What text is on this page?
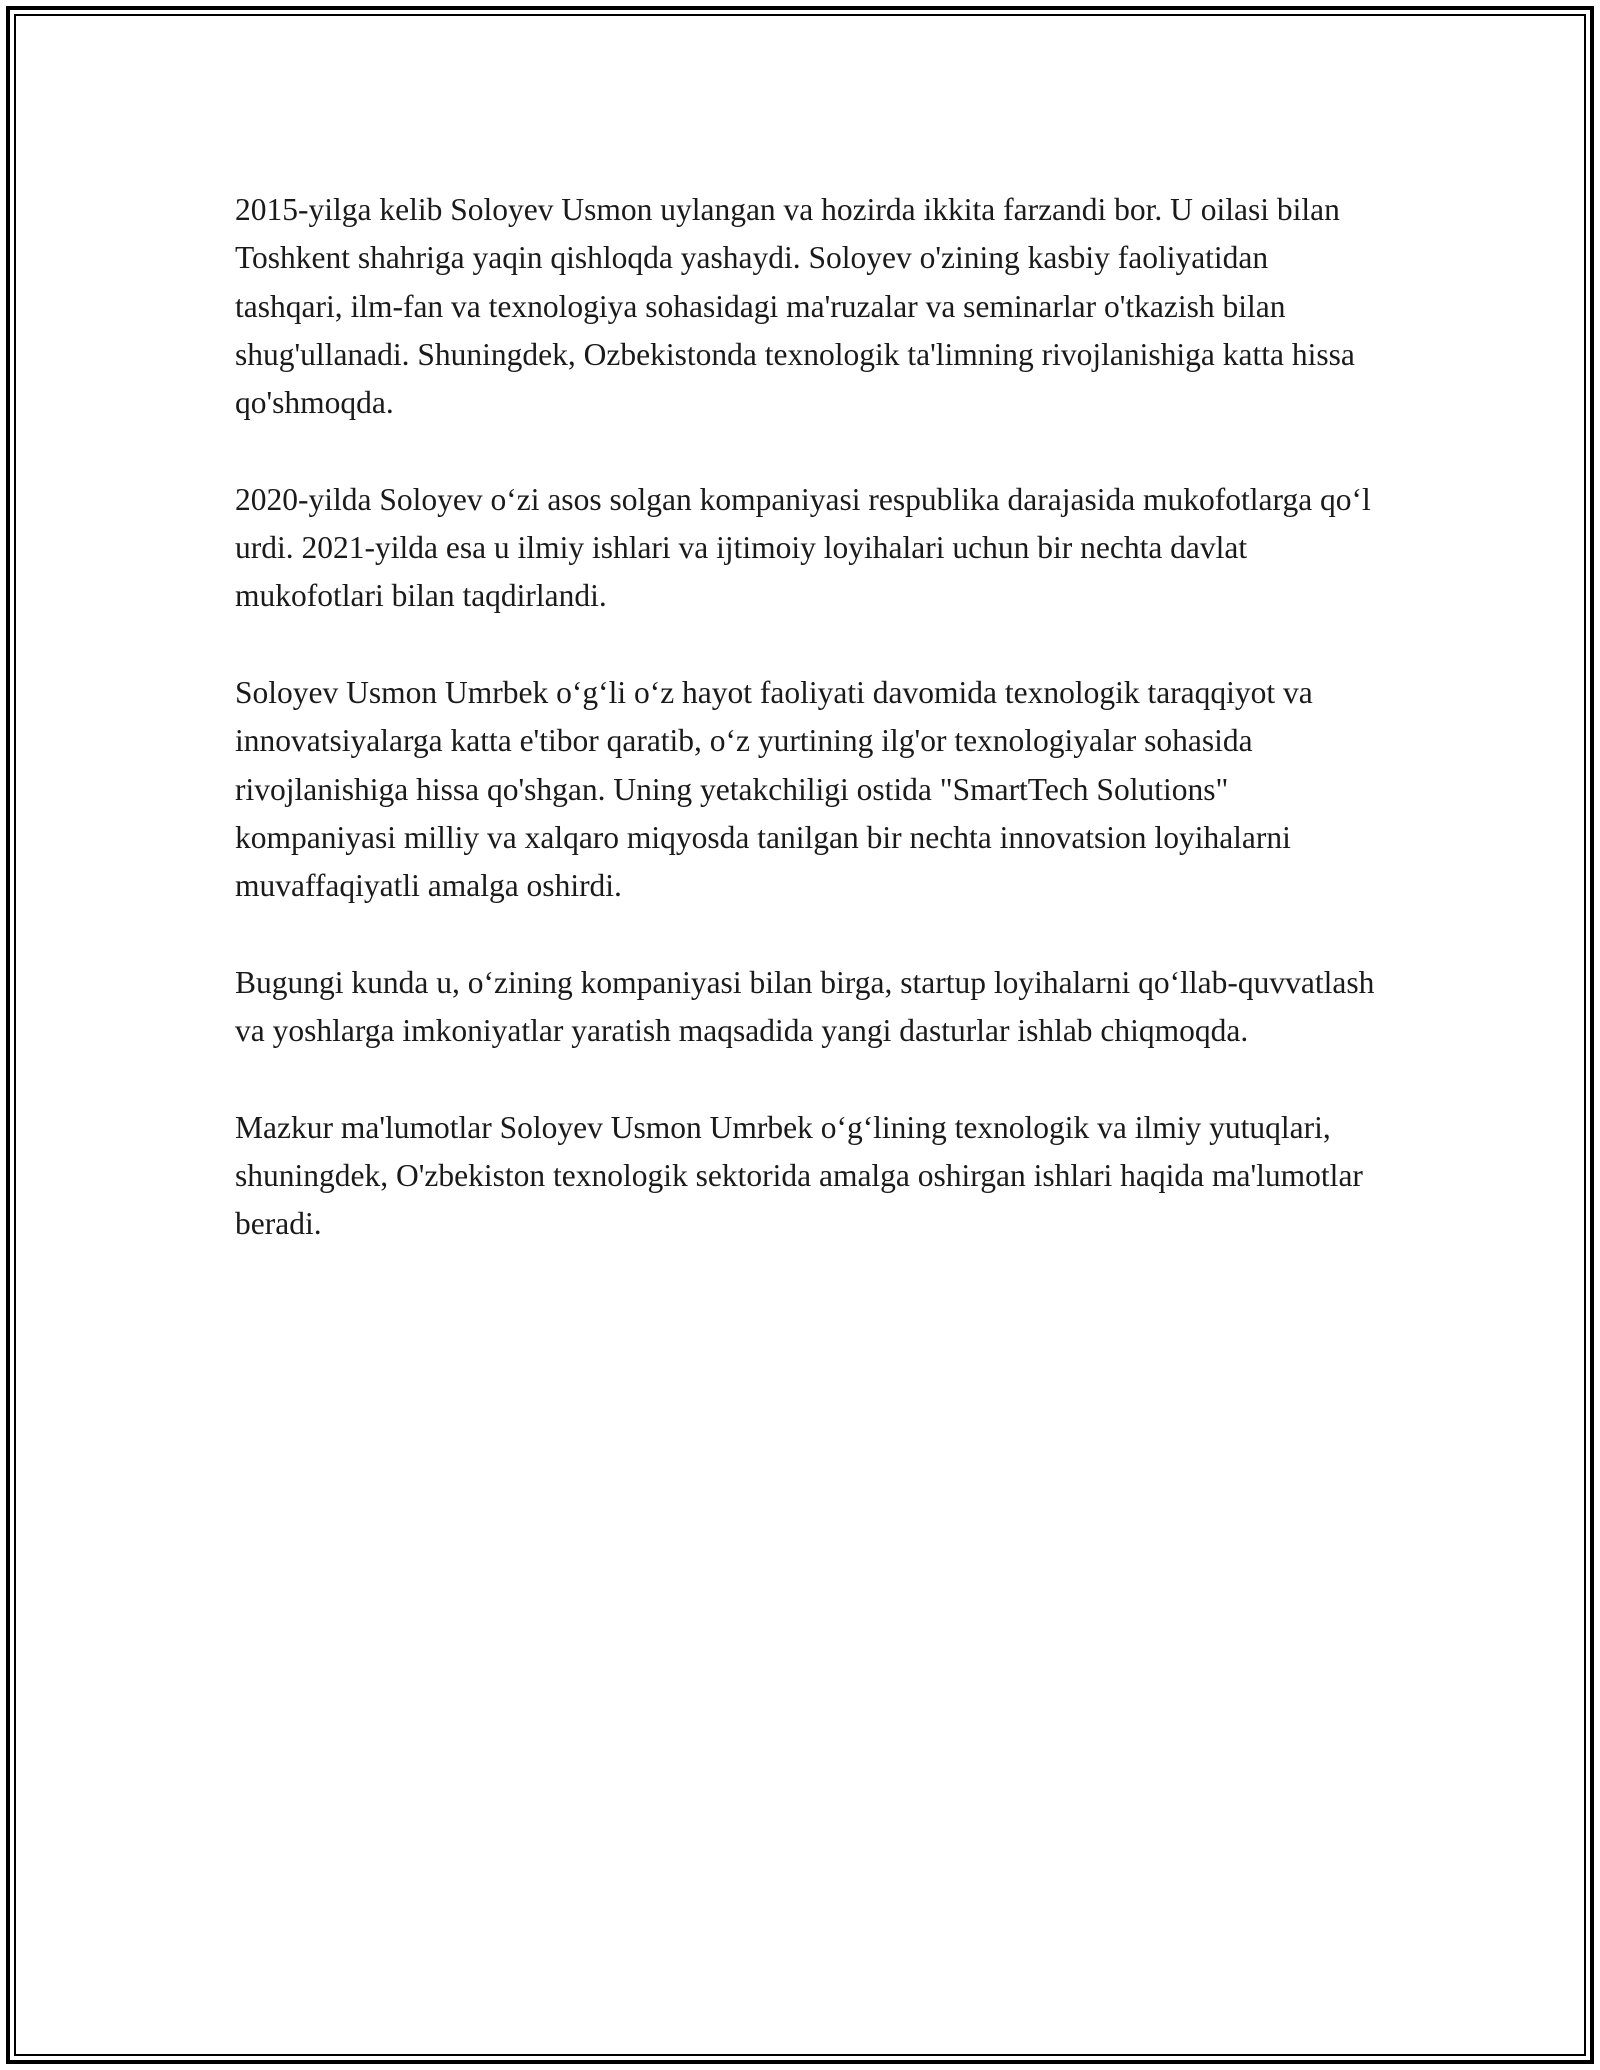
2015-yilga kelib Soloyev Usmon uylangan va hozirda ikkita farzandi bor. U oilasi bilan Toshkent shahriga yaqin qishloqda yashaydi. Soloyev o'zining kasbiy faoliyatidan tashqari, ilm-fan va texnologiya sohasidagi ma'ruzalar va seminarlar o'tkazish bilan shug'ullanadi. Shuningdek, Ozbekistonda texnologik ta'limning rivojlanishiga katta hissa qo'shmoqda.

2020-yilda Soloyev oʻzi asos solgan kompaniyasi respublika darajasida mukofotlarga qoʻl urdi. 2021-yilda esa u ilmiy ishlari va ijtimoiy loyihalari uchun bir nechta davlat mukofotlari bilan taqdirlandi.

Soloyev Usmon Umrbek oʻgʻli oʻz hayot faoliyati davomida texnologik taraqqiyot va innovatsiyalarga katta e'tibor qaratib, oʻz yurtining ilg'or texnologiyalar sohasida rivojlanishiga hissa qo'shgan. Uning yetakchiligi ostida "SmartTech Solutions" kompaniyasi milliy va xalqaro miqyosda tanilgan bir nechta innovatsion loyihalarni muvaffaqiyatli amalga oshirdi.

Bugungi kunda u, oʻzining kompaniyasi bilan birga, startup loyihalarni qoʻllab-quvvatlash va yoshlarga imkoniyatlar yaratish maqsadida yangi dasturlar ishlab chiqmoqda.

Mazkur ma'lumotlar Soloyev Usmon Umrbek oʻgʻlining texnologik va ilmiy yutuqlari, shuningdek, O'zbekiston texnologik sektorida amalga oshirgan ishlari haqida ma'lumotlar beradi.
